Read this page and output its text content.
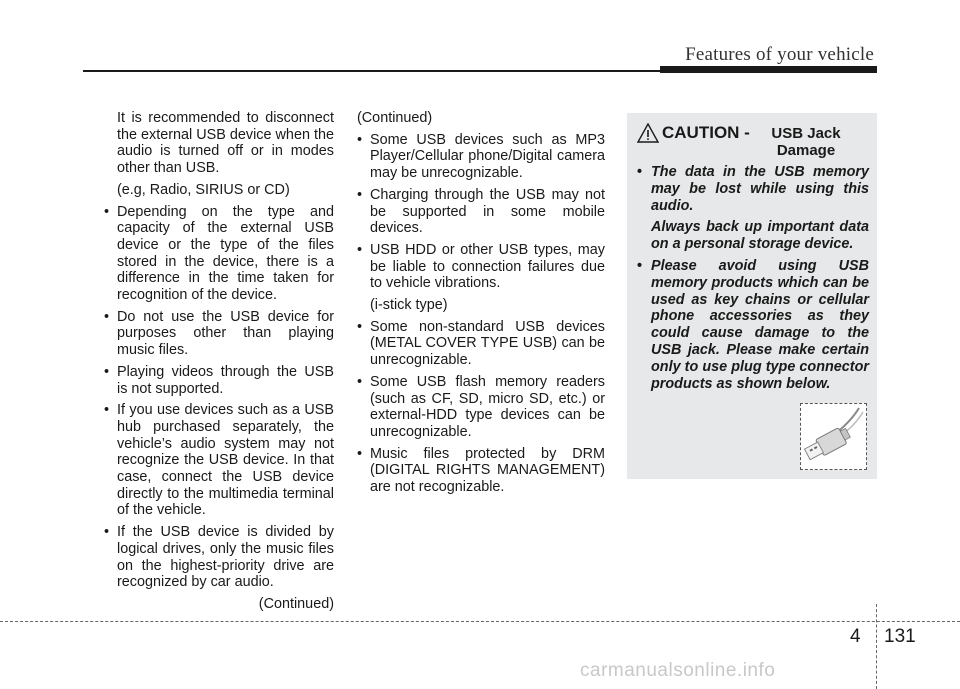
Features of your vehicle

It is recommended to disconnect the external USB device when the audio is turned off or in modes other than USB.

(e.g, Radio, SIRIUS or CD)

• Depending on the type and capacity of the external USB device or the type of the files stored in the device, there is a difference in the time taken for recognition of the device.
• Do not use the USB device for purposes other than playing music files.
• Playing videos through the USB is not supported.
• If you use devices such as a USB hub purchased separately, the vehicle’s audio system may not recognize the USB device. In that case, connect the USB device directly to the multimedia terminal of the vehicle.
• If the USB device is divided by logical drives, only the music files on the highest-priority drive are recognized by car audio.

(Continued)

(Continued)

• Some USB devices such as MP3 Player/Cellular phone/Digital camera may be unrecognizable.
• Charging through the USB may not be supported in some mobile devices.
• USB HDD or other USB types, may be liable to connection failures due to vehicle vibrations.

(i-stick type)

• Some non-standard USB devices (METAL COVER TYPE USB) can be unrecognizable.
• Some USB flash memory readers (such as CF, SD, micro SD, etc.) or external-HDD type devices can be unrecognizable.
• Music files protected by DRM (DIGITAL RIGHTS MANAGEMENT) are not recognizable.
CAUTION -	USB Jack Damage
• The data in the USB memory may be lost while using this audio.
Always back up important data on a personal storage device.
• Please avoid using USB memory products which can be used as key chains or cellular phone accessories as they could cause damage to the USB jack. Please make certain only to use plug type connector products as shown below.
4 131
carmanualsonline.info
